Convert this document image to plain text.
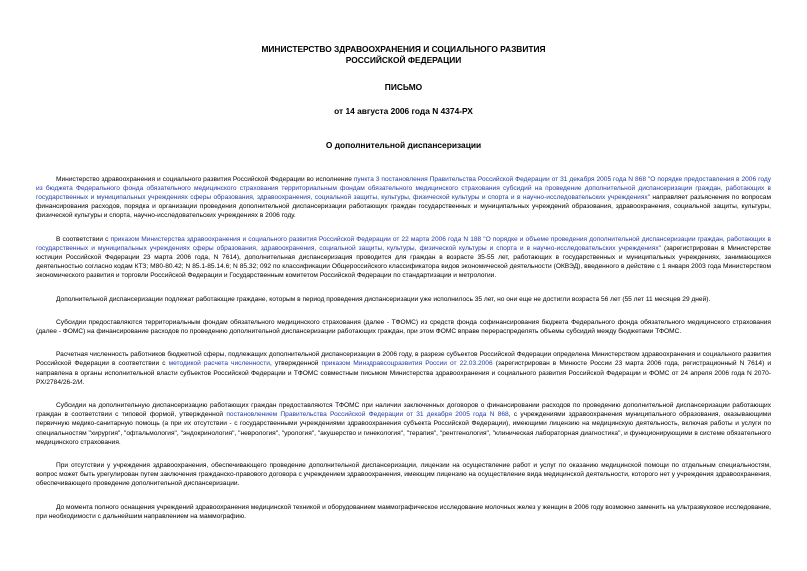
МИНИСТЕРСТВО ЗДРАВООХРАНЕНИЯ И СОЦИАЛЬНОГО РАЗВИТИЯ
РОССИЙСКОЙ ФЕДЕРАЦИИ
ПИСЬМО
от 14 августа 2006 года N 4374-РХ
О дополнительной диспансеризации

Министерство здравоохранения и социального развития Российской Федерации во исполнение пункта 3 постановления Правительства Российской Федерации от 31 декабря 2005 года N 868 "О порядке предоставления в 2006 году из бюджета Федерального фонда обязательного медицинского страхования территориальным фондам обязательного медицинского страхования субсидий на проведение дополнительной диспансеризации граждан, работающих в государственных и муниципальных учреждениях сферы образования, здравоохранения, социальной защиты, культуры, физической культуры и спорта и в научно-исследовательских учреждениях" направляет разъяснения по вопросам финансирования расходов, порядка и организации проведения дополнительной диспансеризации работающих граждан государственных и муниципальных учреждений образования, здравоохранения, социальной защиты, культуры, физической культуры и спорта, научно-исследовательских учреждениях в 2006 году.

В соответствии с приказом Министерства здравоохранения и социального развития Российской Федерации от 22 марта 2006 года N 188 "О порядке и объеме проведения дополнительной диспансеризации граждан, работающих в государственных и муниципальных учреждениях сферы образования, здравоохранения, социальной защиты, культуры, физической культуры и спорта и в научно-исследовательских учреждениях" (зарегистрирован в Министерстве юстиции Российской Федерации 23 марта 2006 года, N 7614), дополнительная диспансеризация проводится для граждан в возрасте 35-55 лет, работающих в государственных и муниципальных учреждениях, занимающихся деятельностью согласно кодам КТЗ; М80-80.42; N 85.1-85.14.6; N 85.32; 092 по классификации Общероссийского классификатора видов экономической деятельности (ОКВЭД), введенного в действие с 1 января 2003 года Министерством экономического развития и торговли Российской Федерации и Государственным комитетом Российской Федерации по стандартизации и метрологии.

Дополнительной диспансеризации подлежат работающие граждане, которым в период проведения диспансеризации уже исполнилось 35 лет, но они еще не достигли возраста 56 лет (55 лет 11 месяцев 29 дней).

Субсидии предоставляются территориальным фондам обязательного медицинского страхования (далее - ТФОМС) из средств фонда софинансирования бюджета Федерального фонда обязательного медицинского страхования (далее - ФОМС) на финансирование расходов по проведению дополнительной диспансеризации работающих граждан, при этом ФОМС вправе перераспределять объемы субсидий между бюджетами ТФОМС.

Расчетная численность работников бюджетной сферы, подлежащих дополнительной диспансеризации в 2006 году, в разрезе субъектов Российской Федерации определена Министерством здравоохранения и социального развития Российской Федерации в соответствии с методикой расчета численности, утвержденной приказом Минздравсоцразвития России от 22.03.2006 (зарегистрирован в Минюсте России 23 марта 2006 года, регистрационный N 7614) и направлена в органы исполнительной власти субъектов Российской Федерации и ТФОМС совместным письмом Министерства здравоохранения и социального развития Российской Федерации и ФОМС от 24 апреля 2006 года N 2070-РХ/2784/26-2/И.

Субсидии на дополнительную диспансеризацию работающих граждан предоставляются ТФОМС при наличии заключенных договоров о финансировании расходов по проведению дополнительной диспансеризации работающих граждан в соответствии с типовой формой, утвержденной постановлением Правительства Российской Федерации от 31 декабря 2005 года N 868, с учреждениями здравоохранения муниципального образования, оказывающими первичную медико-санитарную помощь (а при их отсутствии - с государственными учреждениями здравоохранения субъекта Российской Федерации), имеющими лицензию на медицинскую деятельность, включая работы и услуги по специальностям "хирургия", "офтальмология", "эндокринология", "неврология", "урология", "акушерство и гинекология", "терапия", "рентгенология", "клиническая лабораторная диагностика", и функционирующими в системе обязательного медицинского страхования.

При отсутствии у учреждения здравоохранения, обеспечивающего проведение дополнительной диспансеризации, лицензии на осуществление работ и услуг по оказанию медицинской помощи по отдельным специальностям, вопрос может быть урегулирован путем заключения гражданско-правового договора с учреждением здравоохранения, имеющим лицензию на осуществление вида медицинской деятельности, которого нет у учреждения здравоохранения, обеспечивающего проведение дополнительной диспансеризации.

До момента полного оснащения учреждений здравоохранения медицинской техникой и оборудованием маммографическое исследование молочных желез у женщин в 2006 году возможно заменить на ультразвуковое исследование, при необходимости с дальнейшим направлением на маммографию.
